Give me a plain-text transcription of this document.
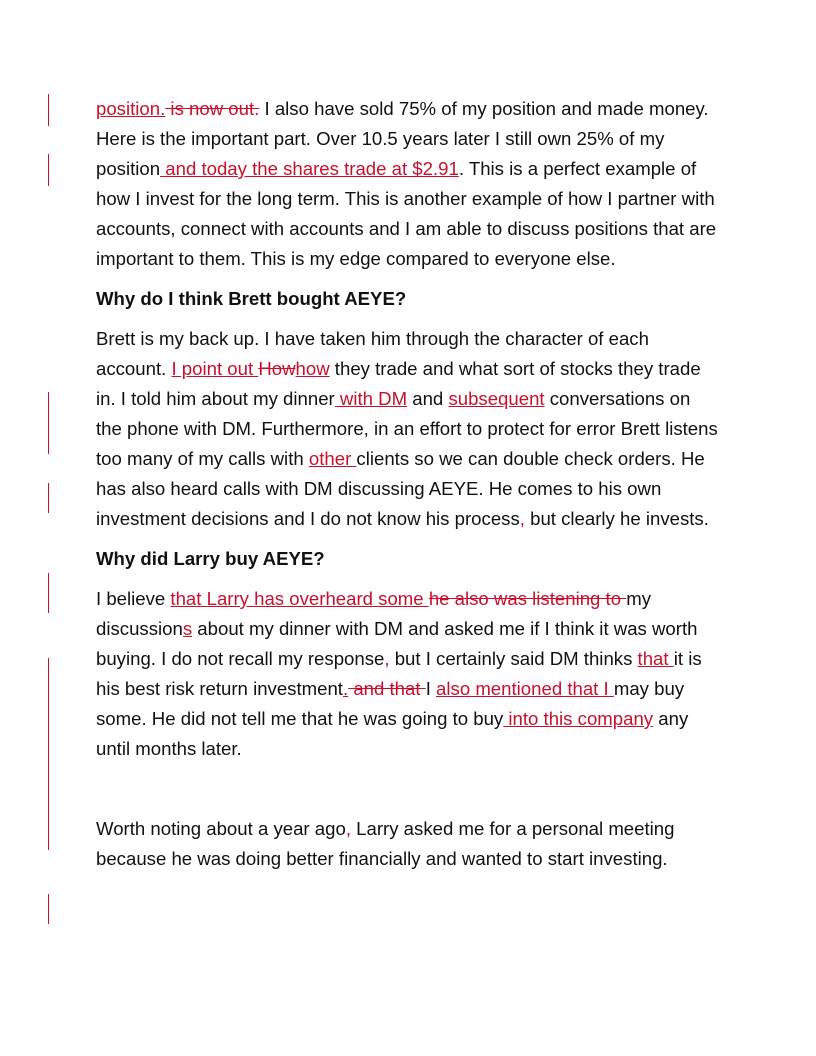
position. is now out. I also have sold 75% of my position and made money. Here is the important part. Over 10.5 years later I still own 25% of my position and today the shares trade at $2.91. This is a perfect example of how I invest for the long term. This is another example of how I partner with accounts, connect with accounts and I am able to discuss positions that are important to them. This is my edge compared to everyone else.

Why do I think Brett bought AEYE?

Brett is my back up. I have taken him through the character of each account. I point out Howhow they trade and what sort of stocks they trade in. I told him about my dinner with DM and subsequent conversations on the phone with DM. Furthermore, in an effort to protect for error Brett listens too many of my calls with other clients so we can double check orders. He has also heard calls with DM discussing AEYE. He comes to his own investment decisions and I do not know his process, but clearly he invests.

Why did Larry buy AEYE?

I believe that Larry has overheard some he also was listening to my discussions about my dinner with DM and asked me if I think it was worth buying. I do not recall my response, but I certainly said DM thinks that it is his best risk return investment. and that I also mentioned that I may buy some. He did not tell me that he was going to buy into this company any until months later.

Worth noting about a year ago, Larry asked me for a personal meeting because he was doing better financially and wanted to start investing.
